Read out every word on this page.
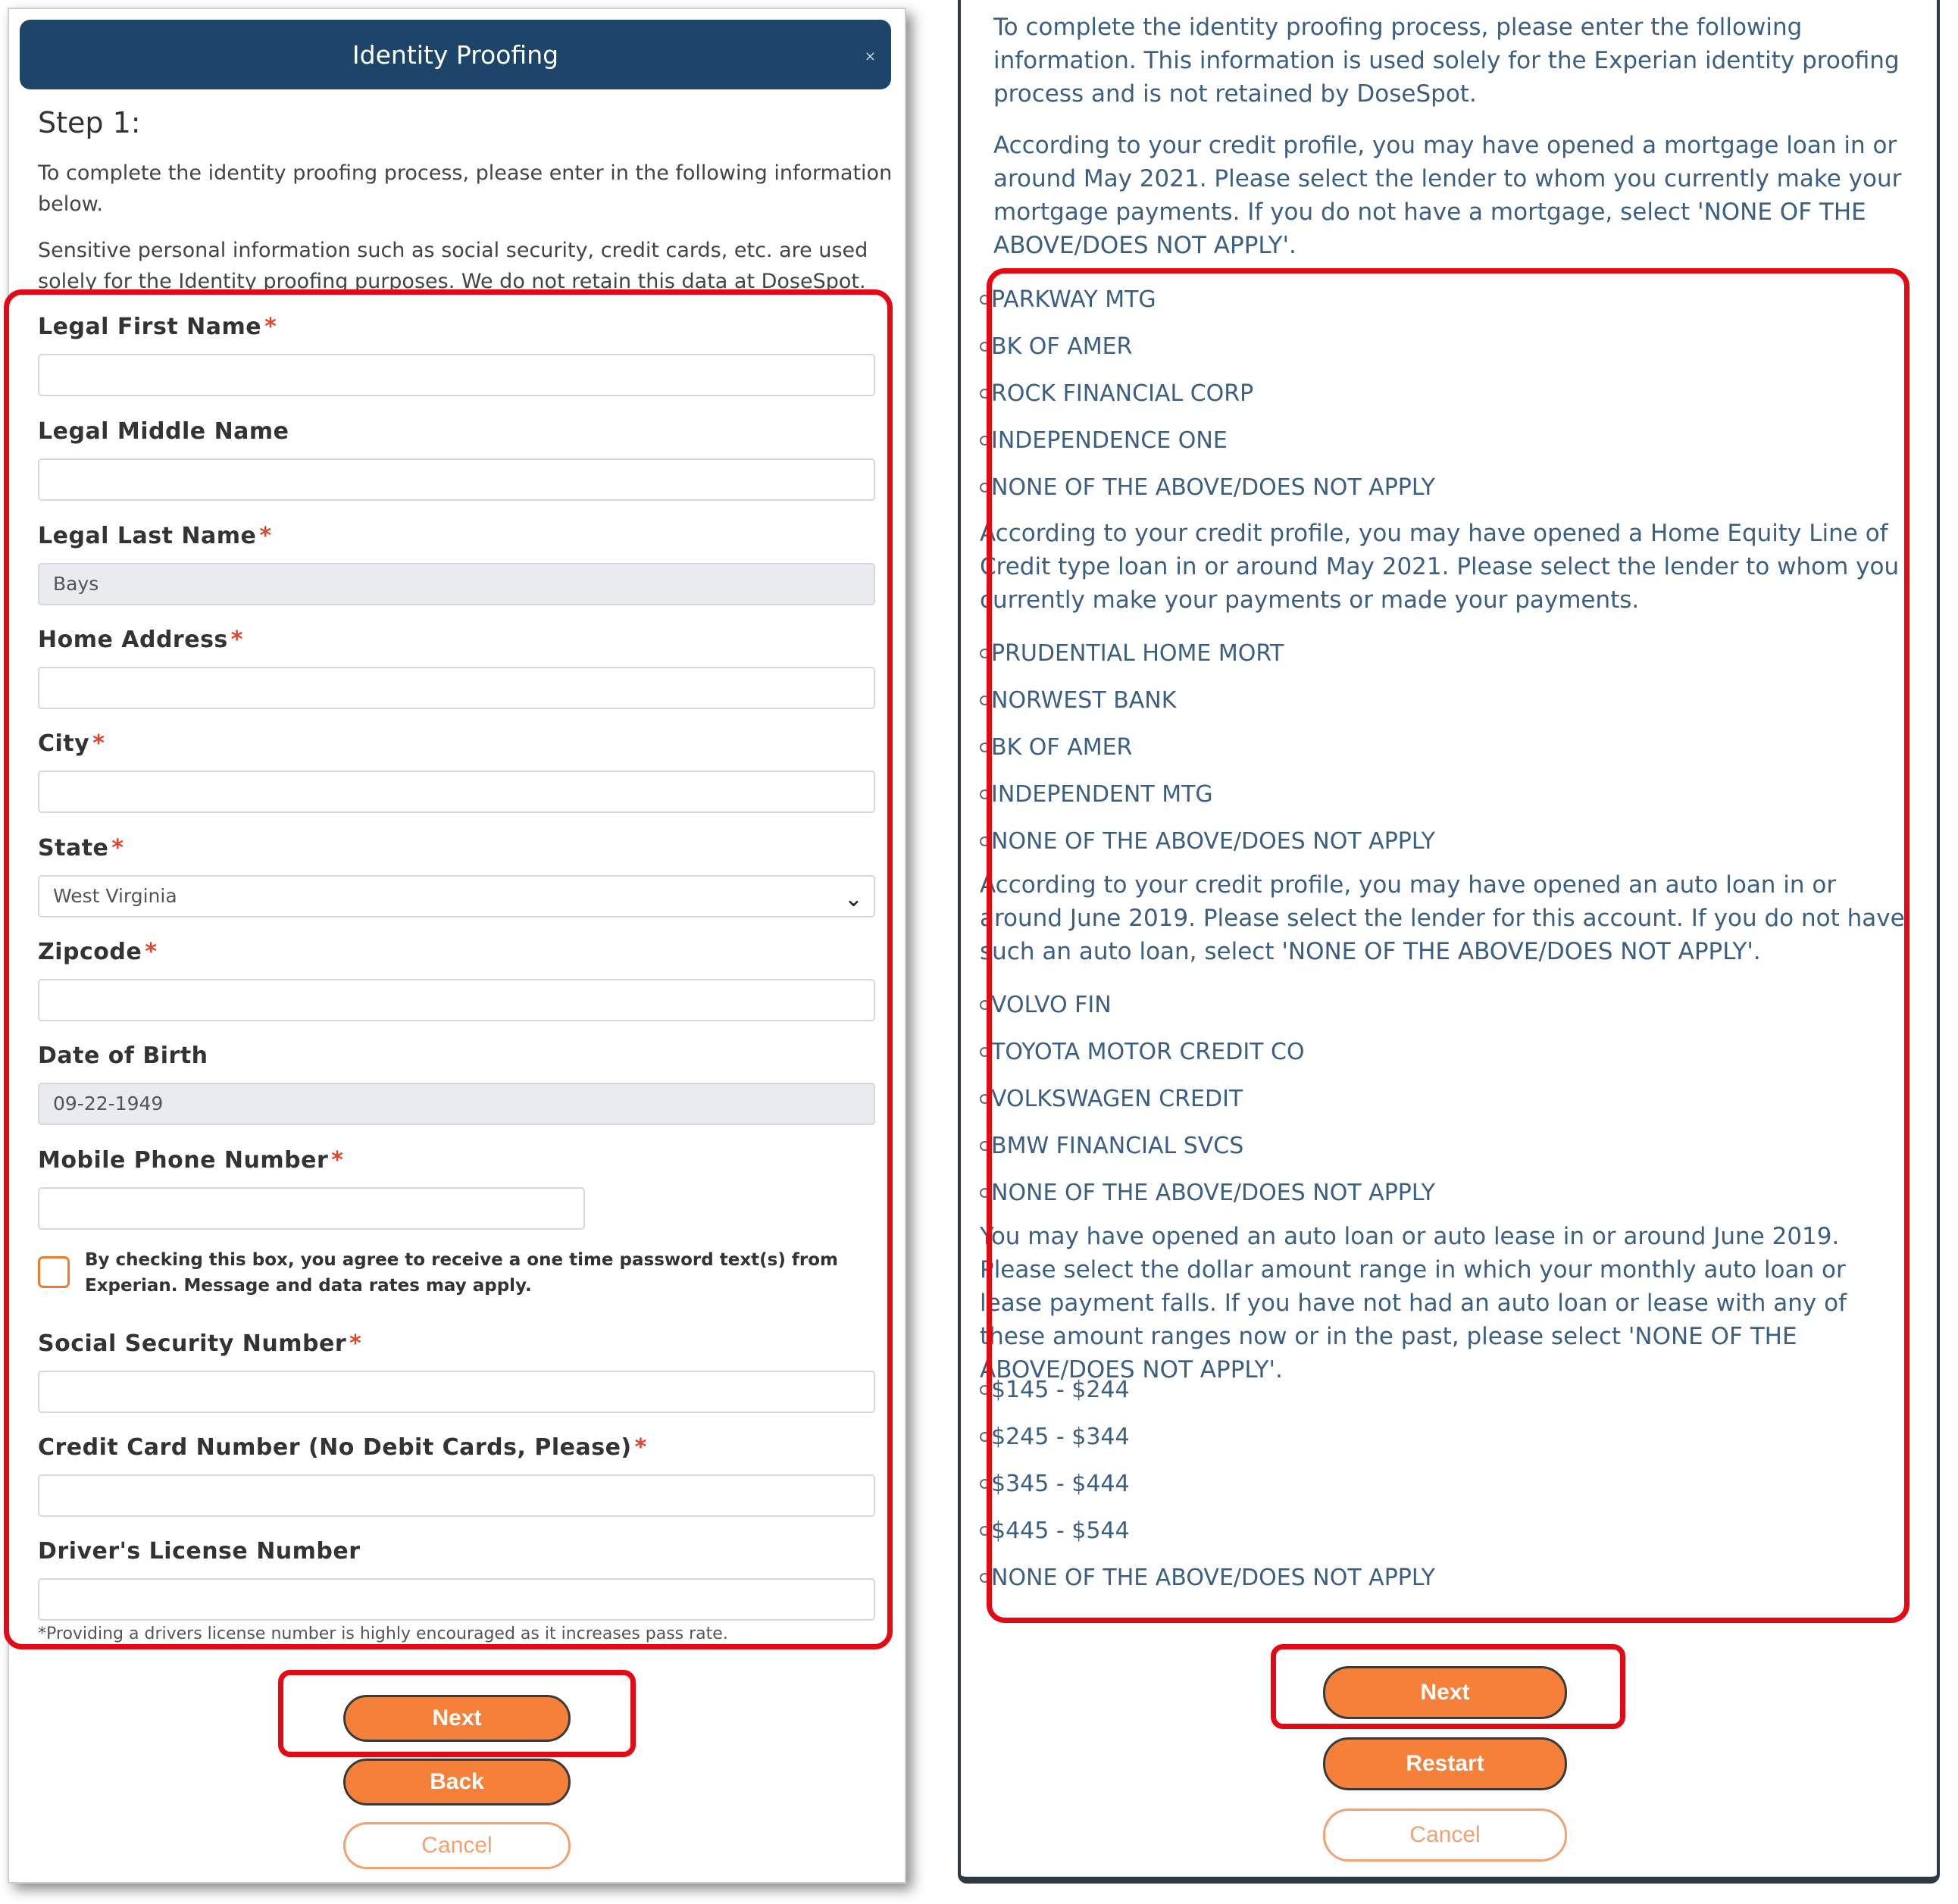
Identity Proofing	×
Step 1:
To complete the identity proofing process, please enter in the following information below.
Sensitive personal information such as social security, credit cards, etc. are used solely for the Identity proofing purposes. We do not retain this data at DoseSpot.
Legal First Name *
Legal Middle Name
Legal Last Name *
Bays
Home Address *
City *
State *
West Virginia	⌄
Zipcode *
Date of Birth
09-22-1949
Mobile Phone Number *
By checking this box, you agree to receive a one time password text(s) from Experian. Message and data rates may apply.
Social Security Number *
Credit Card Number (No Debit Cards, Please) *
Driver's License Number
*Providing a drivers license number is highly encouraged as it increases pass rate.
Next
Back
Cancel
To complete the identity proofing process, please enter the following information. This information is used solely for the Experian identity proofing process and is not retained by DoseSpot.
According to your credit profile, you may have opened a mortgage loan in or around May 2021. Please select the lender to whom you currently make your mortgage payments. If you do not have a mortgage, select 'NONE OF THE ABOVE/DOES NOT APPLY'.
PARKWAY MTG
BK OF AMER
ROCK FINANCIAL CORP
INDEPENDENCE ONE
NONE OF THE ABOVE/DOES NOT APPLY
According to your credit profile, you may have opened a Home Equity Line of Credit type loan in or around May 2021. Please select the lender to whom you currently make your payments or made your payments.
PRUDENTIAL HOME MORT
NORWEST BANK
BK OF AMER
INDEPENDENT MTG
NONE OF THE ABOVE/DOES NOT APPLY
According to your credit profile, you may have opened an auto loan in or around June 2019. Please select the lender for this account. If you do not have such an auto loan, select 'NONE OF THE ABOVE/DOES NOT APPLY'.
VOLVO FIN
TOYOTA MOTOR CREDIT CO
VOLKSWAGEN CREDIT
BMW FINANCIAL SVCS
NONE OF THE ABOVE/DOES NOT APPLY
You may have opened an auto loan or auto lease in or around June 2019. Please select the dollar amount range in which your monthly auto loan or lease payment falls. If you have not had an auto loan or lease with any of these amount ranges now or in the past, please select 'NONE OF THE ABOVE/DOES NOT APPLY'.
$145 - $244
$245 - $344
$345 - $444
$445 - $544
NONE OF THE ABOVE/DOES NOT APPLY
Next
Restart
Cancel
